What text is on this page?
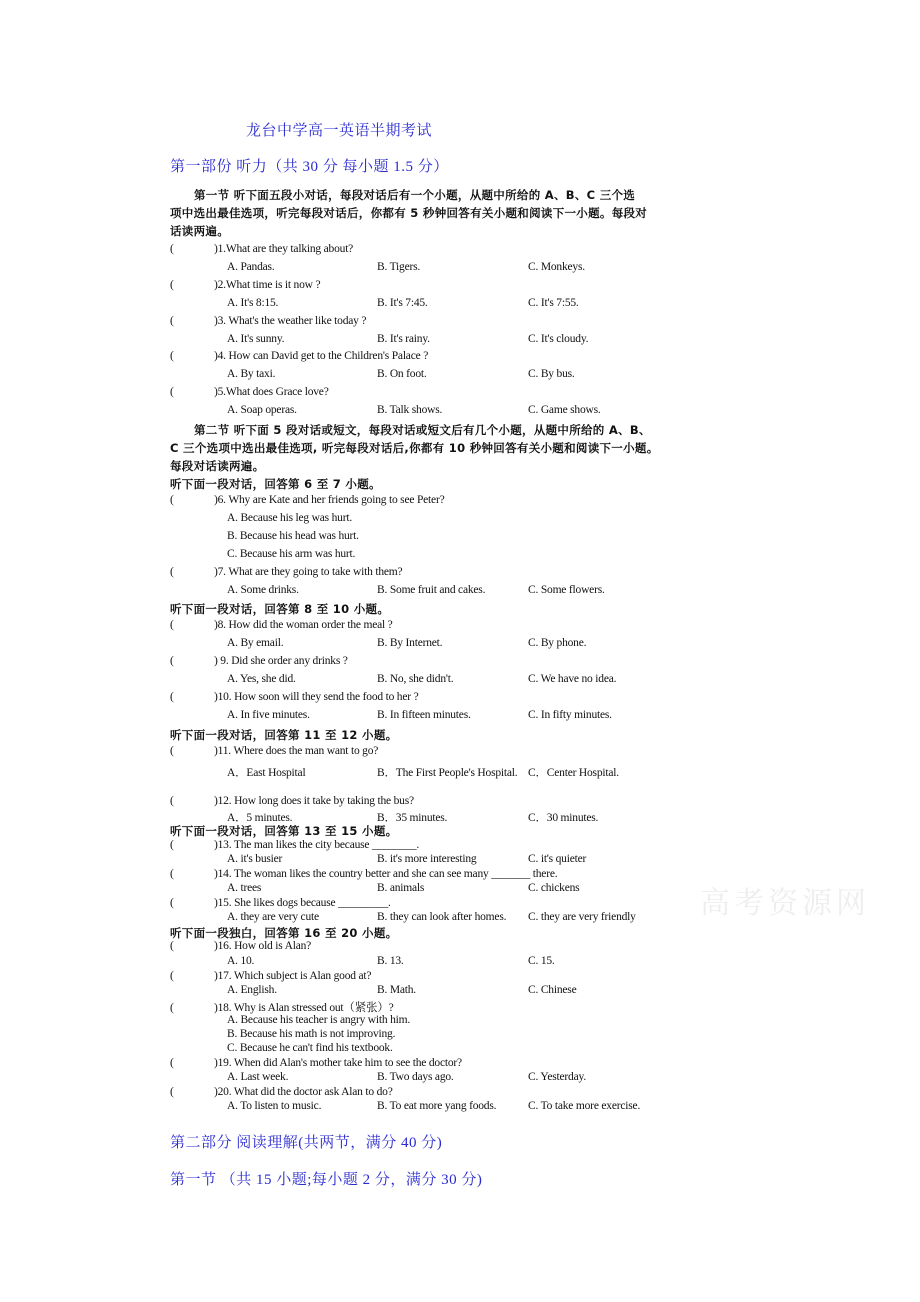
龙台中学高一英语半期考试
第一部份 听力（共 30 分 每小题 1.5 分）
第二部分 阅读理解(共两节，满分 40 分)
第一节 （共 15 小题;每小题 2 分，满分 30 分)
高考资源网
第一节 听下面五段小对话，每段对话后有一个小题，从题中所给的 A、B、C 三个选
项中选出最佳选项，听完每段对话后，你都有 5 秒钟回答有关小题和阅读下一小题。每段对
话读两遍。
第二节 听下面 5 段对话或短文，每段对话或短文后有几个小题，从题中所给的 A、B、
C 三个选项中选出最佳选项, 听完每段对话后,你都有 10 秒钟回答有关小题和阅读下一小题。
每段对话读两遍。
听下面一段对话，回答第 6 至 7 小题。
听下面一段对话，回答第 8 至 10 小题。
听下面一段对话，回答第 11 至 12 小题。
听下面一段对话，回答第 13 至 15 小题。
听下面一段独白，回答第 16 至 20 小题。
(	)1.What are they talking about?
A. Pandas.	B. Tigers.	C. Monkeys.
(	)2.What time is it now ?
A. It's 8:15.	B. It's 7:45.	C. It's 7:55.
(	)3. What's the weather like today ?
A. It's sunny.	B. It's rainy.	C. It's cloudy.
(	)4. How can David get to the Children's Palace ?
A. By taxi.	B. On foot.	C. By bus.
(	)5.What does Grace love?
A. Soap operas.	B. Talk shows.	C. Game shows.
(	)6. Why are Kate and her friends going to see Peter?
A. Because his leg was hurt.
B. Because his head was hurt.
C. Because his arm was hurt.
(	)7. What are they going to take with them?
A. Some drinks.	B. Some fruit and cakes.	C. Some flowers.
(	)8. How did the woman order the meal ?
A. By email.	B. By Internet.	C. By phone.
(	) 9. Did she order any drinks ?
A. Yes, she did.	B. No, she didn't.	C. We have no idea.
(	)10. How soon will they send the food to her ?
A. In five minutes.	B. In fifteen minutes.	C. In fifty minutes.
(	)11. Where does the man want to go?
A．East Hospital	B．The First People's Hospital. C．Center Hospital.
(	)12. How long does it take by taking the bus?
A．5 minutes.	B．35 minutes.	C．30 minutes.
(	)13. The man likes the city because ________.
A. it's busier	B. it's more interesting	C. it's quieter
(	)14. The woman likes the country better and she can see many _______ there.
A. trees	B. animals	C. chickens
(	)15. She likes dogs because _________.
A. they are very cute	B. they can look after homes. C. they are very friendly
(	)16. How old is Alan?
A. 10.	B. 13.	C. 15.
(	)17. Which subject is Alan good at?
A. English.	B. Math.	C. Chinese
(	)18. Why is Alan stressed out（紧张）?
A. Because his teacher is angry with him.
B. Because his math is not improving.
C. Because he can't find his textbook.
(	)19. When did Alan's mother take him to see the doctor?
A. Last week.	B. Two days ago.	C. Yesterday.
(	)20. What did the doctor ask Alan to do?
A. To listen to music.	B. To eat more yang foods.	C. To take more exercise.
